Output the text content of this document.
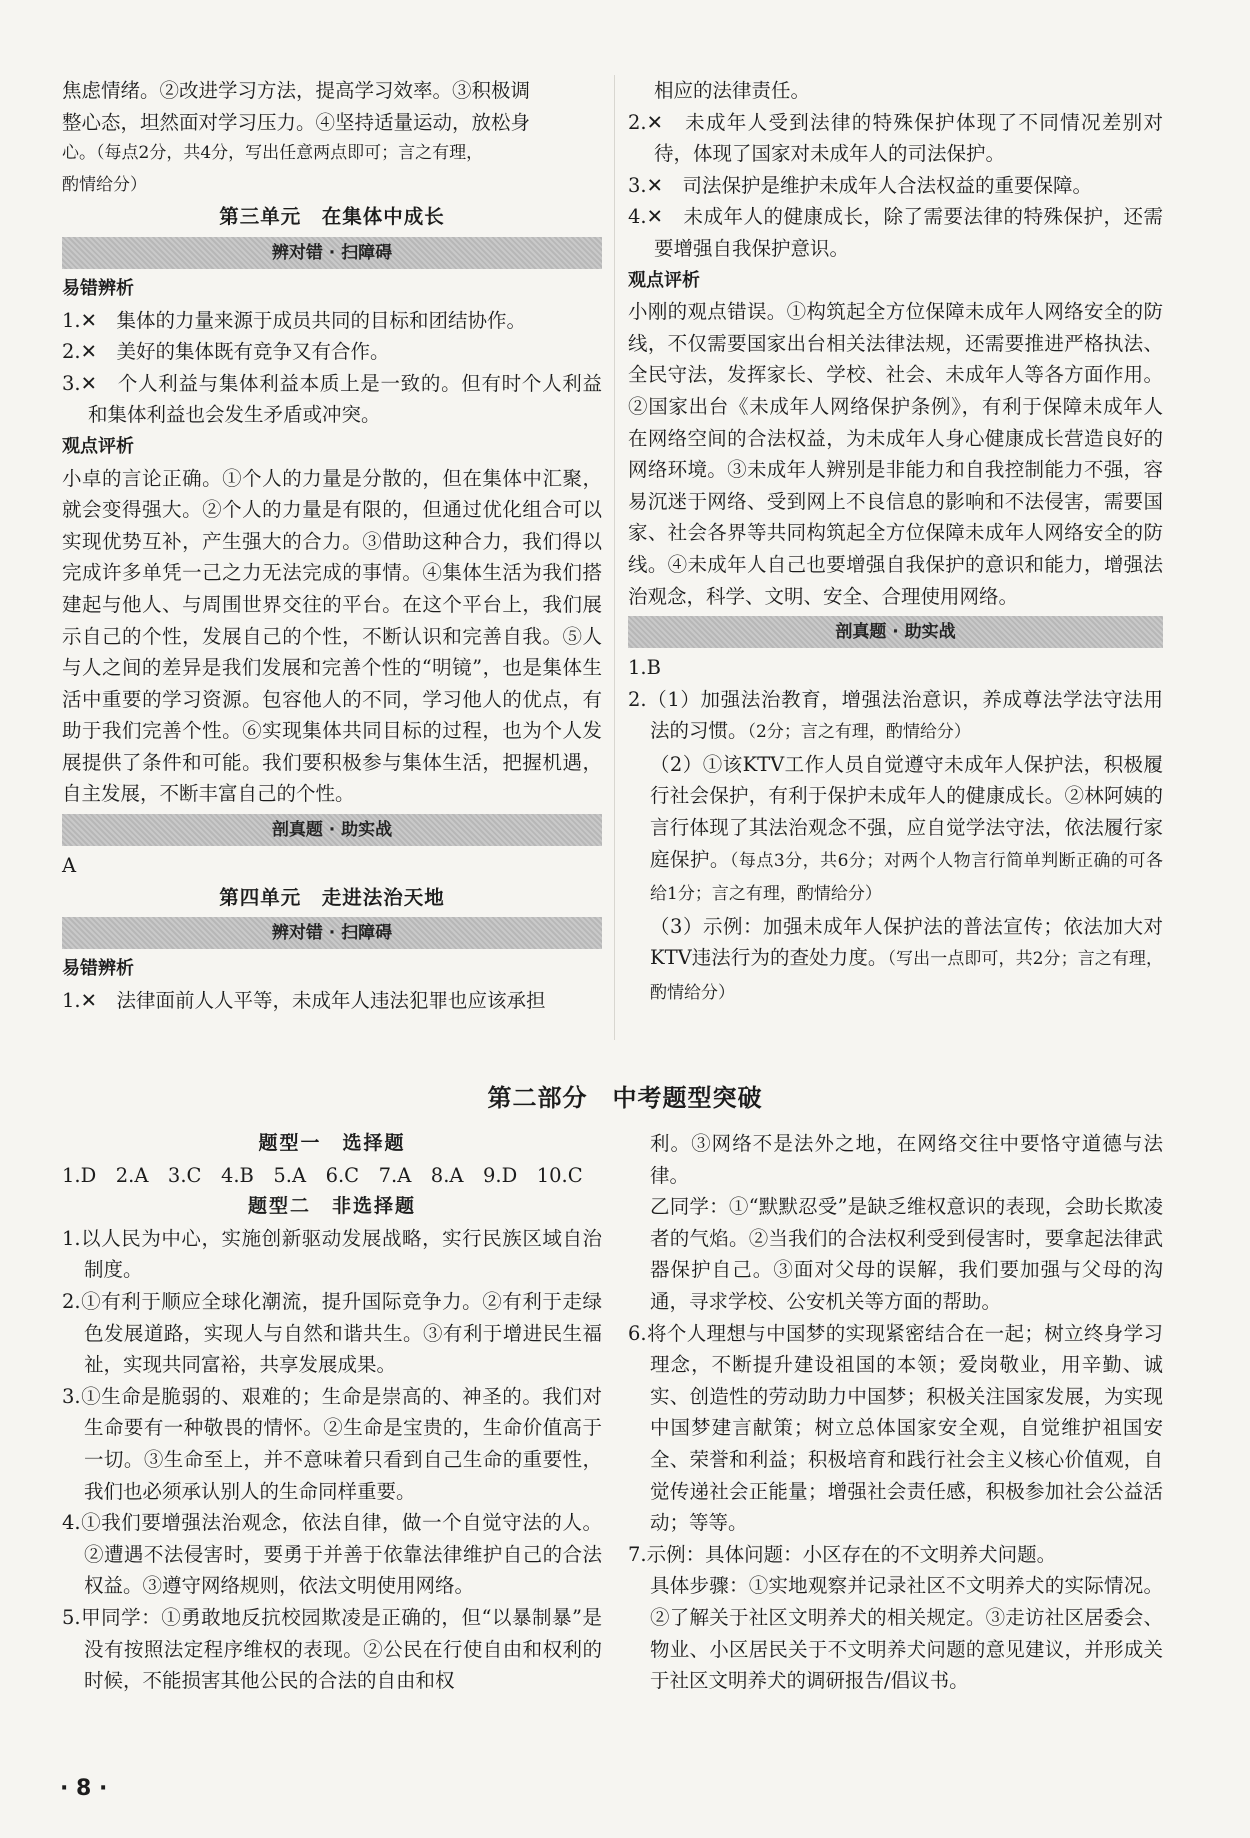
焦虑情绪。②改进学习方法，提高学习效率。③积极调

整心态，坦然面对学习压力。④坚持适量运动，放松身

心。（每点2分，共4分，写出任意两点即可；言之有理，

酌情给分）

第三单元　在集体中成长

辨对错 · 扫障碍

易错辨析

1.✕　集体的力量来源于成员共同的目标和团结协作。

2.✕　美好的集体既有竞争又有合作。

3.✕　个人利益与集体利益本质上是一致的。但有时个人利益和集体利益也会发生矛盾或冲突。

观点评析

小卓的言论正确。①个人的力量是分散的，但在集体中汇聚，就会变得强大。②个人的力量是有限的，但通过优化组合可以实现优势互补，产生强大的合力。③借助这种合力，我们得以完成许多单凭一己之力无法完成的事情。④集体生活为我们搭建起与他人、与周围世界交往的平台。在这个平台上，我们展示自己的个性，发展自己的个性，不断认识和完善自我。⑤人与人之间的差异是我们发展和完善个性的“明镜”，也是集体生活中重要的学习资源。包容他人的不同，学习他人的优点，有助于我们完善个性。⑥实现集体共同目标的过程，也为个人发展提供了条件和可能。我们要积极参与集体生活，把握机遇，自主发展，不断丰富自己的个性。

剖真题 · 助实战

A

第四单元　走进法治天地

辨对错 · 扫障碍

易错辨析

1.✕　法律面前人人平等，未成年人违法犯罪也应该承担

相应的法律责任。

2.✕　未成年人受到法律的特殊保护体现了不同情况差别对待，体现了国家对未成年人的司法保护。

3.✕　司法保护是维护未成年人合法权益的重要保障。

4.✕　未成年人的健康成长，除了需要法律的特殊保护，还需要增强自我保护意识。

观点评析

小刚的观点错误。①构筑起全方位保障未成年人网络安全的防线，不仅需要国家出台相关法律法规，还需要推进严格执法、全民守法，发挥家长、学校、社会、未成年人等各方面作用。②国家出台《未成年人网络保护条例》，有利于保障未成年人在网络空间的合法权益，为未成年人身心健康成长营造良好的网络环境。③未成年人辨别是非能力和自我控制能力不强，容易沉迷于网络、受到网上不良信息的影响和不法侵害，需要国家、社会各界等共同构筑起全方位保障未成年人网络安全的防线。④未成年人自己也要增强自我保护的意识和能力，增强法治观念，科学、文明、安全、合理使用网络。

剖真题 · 助实战

1.B

2.（1）加强法治教育，增强法治意识，养成尊法学法守法用法的习惯。（2分；言之有理，酌情给分）

（2）①该KTV工作人员自觉遵守未成年人保护法，积极履行社会保护，有利于保护未成年人的健康成长。②林阿姨的言行体现了其法治观念不强，应自觉学法守法，依法履行家庭保护。（每点3分，共6分；对两个人物言行简单判断正确的可各给1分；言之有理，酌情给分）

（3）示例：加强未成年人保护法的普法宣传；依法加大对KTV违法行为的查处力度。（写出一点即可，共2分；言之有理，酌情给分）

第二部分　中考题型突破

题型一　选择题

1.D　2.A　3.C　4.B　5.A　6.C　7.A　8.A　9.D　10.C

题型二　非选择题

1.以人民为中心，实施创新驱动发展战略，实行民族区域自治制度。

2.①有利于顺应全球化潮流，提升国际竞争力。②有利于走绿色发展道路，实现人与自然和谐共生。③有利于增进民生福祉，实现共同富裕，共享发展成果。

3.①生命是脆弱的、艰难的；生命是崇高的、神圣的。我们对生命要有一种敬畏的情怀。②生命是宝贵的，生命价值高于一切。③生命至上，并不意味着只看到自己生命的重要性，我们也必须承认别人的生命同样重要。

4.①我们要增强法治观念，依法自律，做一个自觉守法的人。②遭遇不法侵害时，要勇于并善于依靠法律维护自己的合法权益。③遵守网络规则，依法文明使用网络。

5.甲同学：①勇敢地反抗校园欺凌是正确的，但“以暴制暴”是没有按照法定程序维权的表现。②公民在行使自由和权利的时候，不能损害其他公民的合法的自由和权

利。③网络不是法外之地，在网络交往中要恪守道德与法律。

乙同学：①“默默忍受”是缺乏维权意识的表现，会助长欺凌者的气焰。②当我们的合法权利受到侵害时，要拿起法律武器保护自己。③面对父母的误解，我们要加强与父母的沟通，寻求学校、公安机关等方面的帮助。

6.将个人理想与中国梦的实现紧密结合在一起；树立终身学习理念，不断提升建设祖国的本领；爱岗敬业，用辛勤、诚实、创造性的劳动助力中国梦；积极关注国家发展，为实现中国梦建言献策；树立总体国家安全观，自觉维护祖国安全、荣誉和利益；积极培育和践行社会主义核心价值观，自觉传递社会正能量；增强社会责任感，积极参加社会公益活动；等等。

7.示例：具体问题：小区存在的不文明养犬问题。

具体步骤：①实地观察并记录社区不文明养犬的实际情况。②了解关于社区文明养犬的相关规定。③走访社区居委会、物业、小区居民关于不文明养犬问题的意见建议，并形成关于社区文明养犬的调研报告/倡议书。

· 8 ·
